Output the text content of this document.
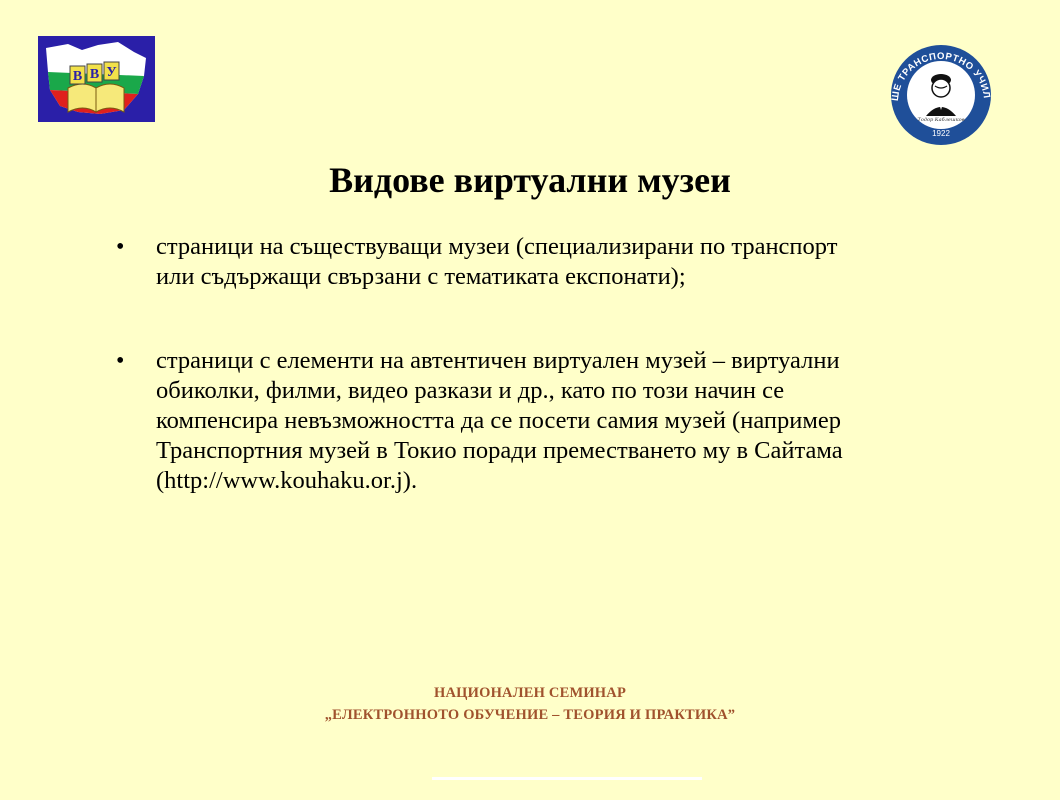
В В У
ШЕ ТРАНСПОРТНО УЧИЛ
Тодор Каблешков
1922
Видове виртуални музеи
• страници на съществуващи музеи (специализирани по транспорт
или съдържащи свързани с тематиката експонати);
• страници с елементи на автентичен виртуален музей – виртуални
обиколки, филми, видео разкази и др., като по този начин се
компенсира невъзможността да се посети самия музей (например
Транспортния музей в Токио поради преместването му в Сайтама
(http://www.kouhaku.or.j).
НАЦИОНАЛЕН СЕМИНАР
„ЕЛЕКТРОННОТО ОБУЧЕНИЕ – ТЕОРИЯ И ПРАКТИКА”
